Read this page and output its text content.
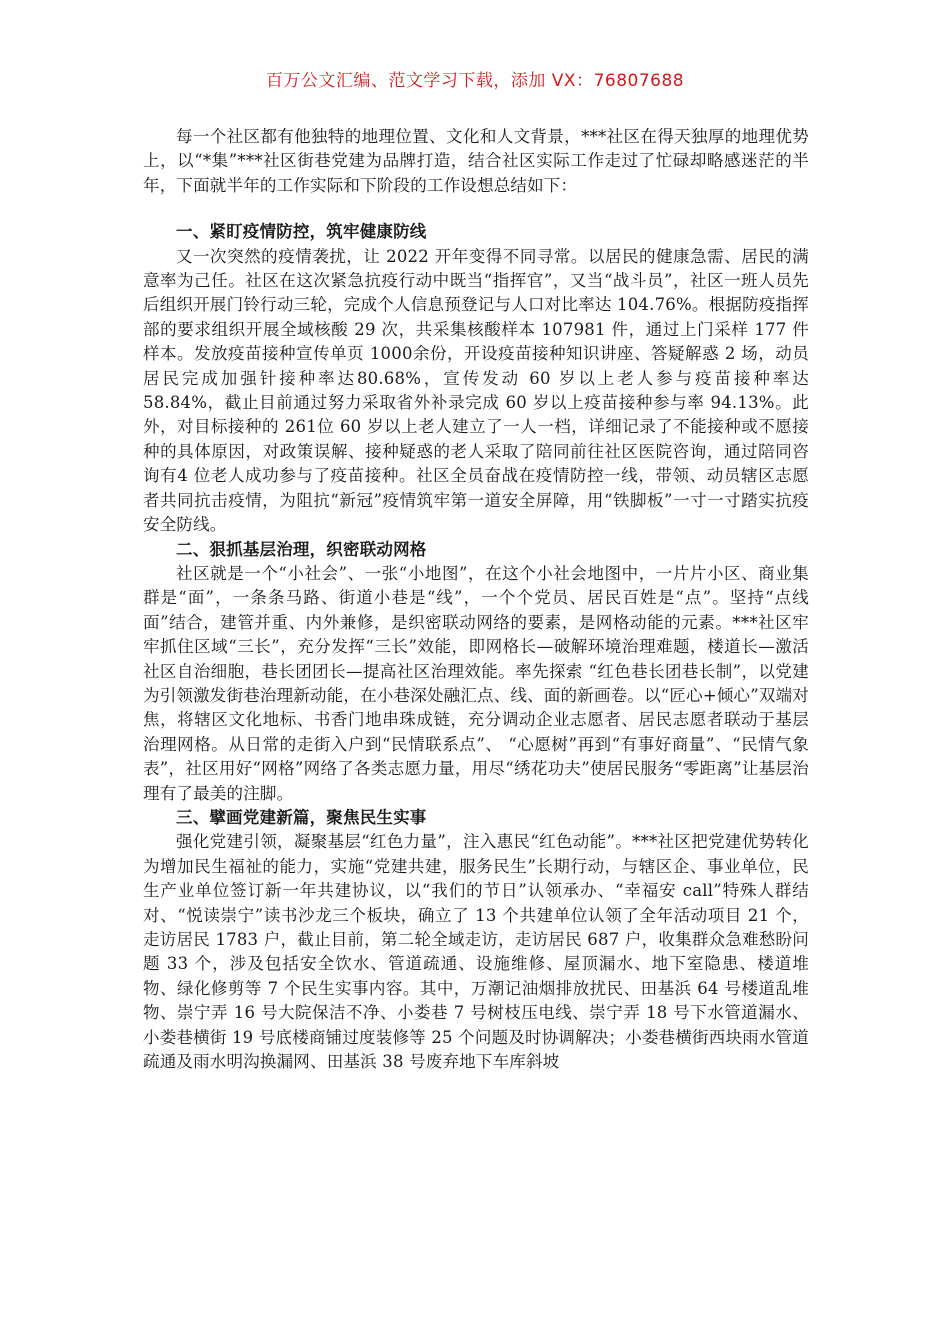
百万公文汇编、范文学习下载，添加 VX：76807688

每一个社区都有他独特的地理位置、文化和人文背景，***社区在得天独厚的地理优势上，以“*集”***社区街巷党建为品牌打造，结合社区实际工作走过了忙碌却略感迷茫的半年，下面就半年的工作实际和下阶段的工作设想总结如下：

一、紧盯疫情防控，筑牢健康防线

又一次突然的疫情袭扰，让 2022 开年变得不同寻常。以居民的健康急需、居民的满意率为己任。社区在这次紧急抗疫行动中既当“指挥官”，又当“战斗员”，社区一班人员先后组织开展门铃行动三轮，完成个人信息预登记与人口对比率达 104.76%。根据防疫指挥部的要求组织开展全域核酸 29 次，共采集核酸样本 107981 件，通过上门采样 177 件样本。发放疫苗接种宣传单页 1000余份，开设疫苗接种知识讲座、答疑解惑 2 场，动员居民完成加强针接种率达80.68%，宣传发动 60 岁以上老人参与疫苗接种率达 58.84%，截止目前通过努力采取省外补录完成 60 岁以上疫苗接种参与率 94.13%。此外，对目标接种的 261位 60 岁以上老人建立了一人一档，详细记录了不能接种或不愿接种的具体原因，对政策误解、接种疑惑的老人采取了陪同前往社区医院咨询，通过陪同咨询有4 位老人成功参与了疫苗接种。社区全员奋战在疫情防控一线，带领、动员辖区志愿者共同抗击疫情，为阻抗“新冠”疫情筑牢第一道安全屏障，用“铁脚板”一寸一寸踏实抗疫安全防线。

二、狠抓基层治理，织密联动网格

社区就是一个“小社会”、一张“小地图”，在这个小社会地图中，一片片小区、商业集群是“面”，一条条马路、街道小巷是“线”，一个个党员、居民百姓是“点”。坚持“点线面”结合，建管并重、内外兼修，是织密联动网络的要素，是网格动能的元素。***社区牢牢抓住区域“三长”，充分发挥“三长”效能，即网格长—破解环境治理难题，楼道长—激活社区自治细胞，巷长团团长—提高社区治理效能。率先探索 “红色巷长团巷长制”，以党建为引领激发街巷治理新动能，在小巷深处融汇点、线、面的新画卷。以“匠心+倾心”双端对焦，将辖区文化地标、书香门地串珠成链，充分调动企业志愿者、居民志愿者联动于基层治理网格。从日常的走街入户到“民情联系点”、 “心愿树”再到“有事好商量”、“民情气象表”，社区用好“网格”网络了各类志愿力量，用尽“绣花功夫”使居民服务“零距离”让基层治理有了最美的注脚。

三、擘画党建新篇，聚焦民生实事

强化党建引领，凝聚基层“红色力量”，注入惠民“红色动能”。***社区把党建优势转化为增加民生福祉的能力，实施“党建共建，服务民生”长期行动，与辖区企、事业单位，民生产业单位签订新一年共建协议，以“我们的节日”认领承办、“幸福安 call”特殊人群结对、“悦读崇宁”读书沙龙三个板块，确立了 13 个共建单位认领了全年活动项目 21 个，走访居民 1783 户，截止目前，第二轮全域走访，走访居民 687 户，收集群众急难愁盼问题 33 个，涉及包括安全饮水、管道疏通、设施维修、屋顶漏水、地下室隐患、楼道堆物、绿化修剪等 7 个民生实事内容。其中，万潮记油烟排放扰民、田基浜 64 号楼道乱堆物、崇宁弄 16 号大院保洁不净、小娄巷 7 号树枝压电线、崇宁弄 18 号下水管道漏水、小娄巷横街 19 号底楼商铺过度装修等 25 个问题及时协调解决；小娄巷横街西块雨水管道疏通及雨水明沟换漏网、田基浜 38 号废弃地下车库斜坡
